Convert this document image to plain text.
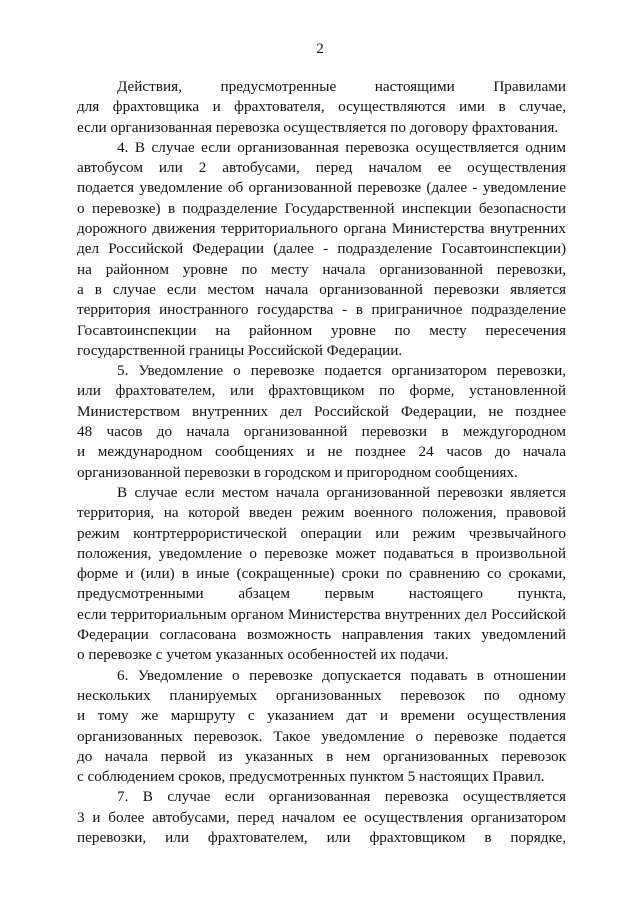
2
Действия, предусмотренные настоящими Правилами
для фрахтовщика и фрахтователя, осуществляются ими в случае,
если организованная перевозка осуществляется по договору фрахтования.
4. В случае если организованная перевозка осуществляется одним
автобусом или 2 автобусами, перед началом ее осуществления
подается уведомление об организованной перевозке (далее - уведомление
о перевозке) в подразделение Государственной инспекции безопасности
дорожного движения территориального органа Министерства внутренних
дел Российской Федерации (далее - подразделение Госавтоинспекции)
на районном уровне по месту начала организованной перевозки,
а в случае если местом начала организованной перевозки является
территория иностранного государства - в приграничное подразделение
Госавтоинспекции на районном уровне по месту пересечения
государственной границы Российской Федерации.
5. Уведомление о перевозке подается организатором перевозки,
или фрахтователем, или фрахтовщиком по форме, установленной
Министерством внутренних дел Российской Федерации, не позднее
48 часов до начала организованной перевозки в междугородном
и международном сообщениях и не позднее 24 часов до начала
организованной перевозки в городском и пригородном сообщениях.
В случае если местом начала организованной перевозки является
территория, на которой введен режим военного положения, правовой
режим контртеррористической операции или режим чрезвычайного
положения, уведомление о перевозке может подаваться в произвольной
форме и (или) в иные (сокращенные) сроки по сравнению со сроками,
предусмотренными абзацем первым настоящего пункта,
если территориальным органом Министерства внутренних дел Российской
Федерации согласована возможность направления таких уведомлений
о перевозке с учетом указанных особенностей их подачи.
6. Уведомление о перевозке допускается подавать в отношении
нескольких планируемых организованных перевозок по одному
и тому же маршруту с указанием дат и времени осуществления
организованных перевозок. Такое уведомление о перевозке подается
до начала первой из указанных в нем организованных перевозок
с соблюдением сроков, предусмотренных пунктом 5 настоящих Правил.
7. В случае если организованная перевозка осуществляется
3 и более автобусами, перед началом ее осуществления организатором
перевозки, или фрахтователем, или фрахтовщиком в порядке,
